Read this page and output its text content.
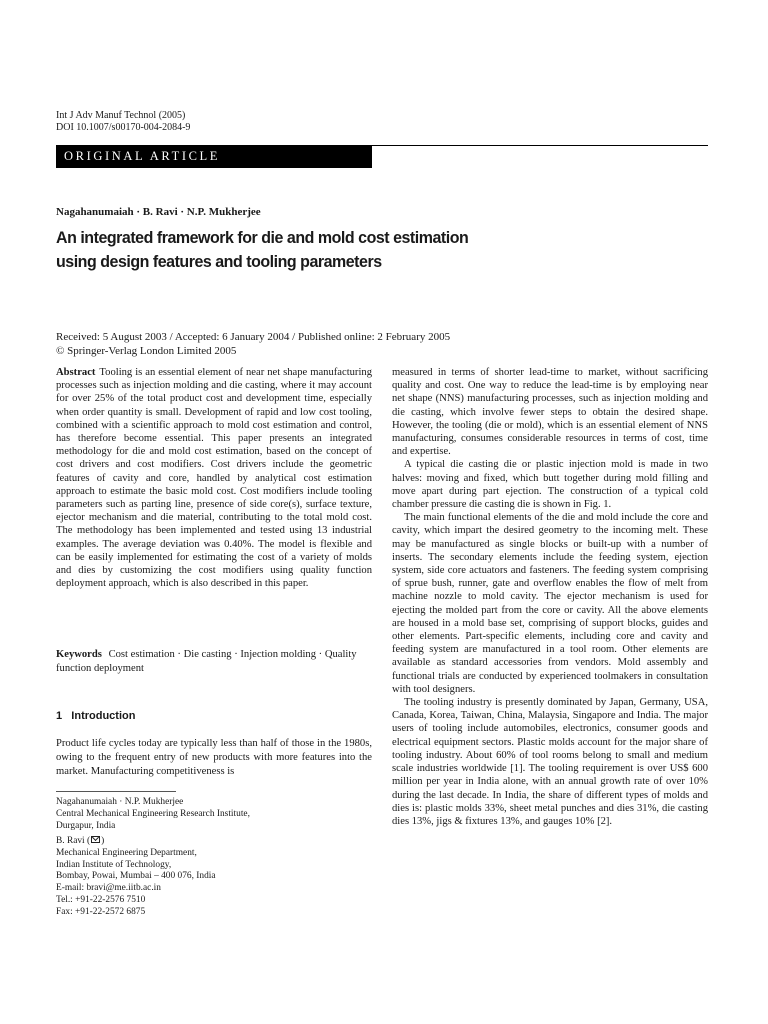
Int J Adv Manuf Technol (2005)
DOI 10.1007/s00170-004-2084-9
ORIGINAL ARTICLE
Nagahanumaiah · B. Ravi · N.P. Mukherjee
An integrated framework for die and mold cost estimation
using design features and tooling parameters
Received: 5 August 2003 / Accepted: 6 January 2004 / Published online: 2 February 2005
© Springer-Verlag London Limited 2005

Abstract Tooling is an essential element of near net shape manufacturing processes such as injection molding and die casting, where it may account for over 25% of the total product cost and development time, especially when order quantity is small. Development of rapid and low cost tooling, combined with a scientific approach to mold cost estimation and control, has therefore become essential. This paper presents an integrated methodology for die and mold cost estimation, based on the concept of cost drivers and cost modifiers. Cost drivers include the geometric features of cavity and core, handled by analytical cost estimation approach to estimate the basic mold cost. Cost modifiers include tooling parameters such as parting line, presence of side core(s), surface texture, ejector mechanism and die material, contributing to the total mold cost. The methodology has been implemented and tested using 13 industrial examples. The average deviation was 0.40%. The model is flexible and can be easily implemented for estimating the cost of a variety of molds and dies by customizing the cost modifiers using quality function deployment approach, which is also described in this paper.

Keywords Cost estimation · Die casting · Injection molding · Quality function deployment
1 Introduction
Product life cycles today are typically less than half of those in the 1980s, owing to the frequent entry of new products with more features into the market. Manufacturing competitiveness is
Nagahanumaiah · N.P. Mukherjee
Central Mechanical Engineering Research Institute,
Durgapur, India
B. Ravi ( )
Mechanical Engineering Department,
Indian Institute of Technology,
Bombay, Powai, Mumbai – 400 076, India
E-mail: bravi@me.iitb.ac.in
Tel.: +91-22-2576 7510
Fax: +91-22-2572 6875

measured in terms of shorter lead-time to market, without sacrificing quality and cost. One way to reduce the lead-time is by employing near net shape (NNS) manufacturing processes, such as injection molding and die casting, which involve fewer steps to obtain the desired shape. However, the tooling (die or mold), which is an essential element of NNS manufacturing, consumes considerable resources in terms of cost, time and expertise.

A typical die casting die or plastic injection mold is made in two halves: moving and fixed, which butt together during mold filling and move apart during part ejection. The construction of a typical cold chamber pressure die casting die is shown in Fig. 1.

The main functional elements of the die and mold include the core and cavity, which impart the desired geometry to the incoming melt. These may be manufactured as single blocks or built-up with a number of inserts. The secondary elements include the feeding system, ejection system, side core actuators and fasteners. The feeding system comprising of sprue bush, runner, gate and overflow enables the flow of melt from machine nozzle to mold cavity. The ejector mechanism is used for ejecting the molded part from the core or cavity. All the above elements are housed in a mold base set, comprising of support blocks, guides and other elements. Part-specific elements, including core and cavity and feeding system are manufactured in a tool room. Other elements are available as standard accessories from vendors. Mold assembly and functional trials are conducted by experienced toolmakers in consultation with tool designers.

The tooling industry is presently dominated by Japan, Germany, USA, Canada, Korea, Taiwan, China, Malaysia, Singapore and India. The major users of tooling include automobiles, electronics, consumer goods and electrical equipment sectors. Plastic molds account for the major share of tooling industry. About 60% of tool rooms belong to small and medium scale industries worldwide [1]. The tooling requirement is over US$ 600 million per year in India alone, with an annual growth rate of over 10% during the last decade. In India, the share of different types of molds and dies is: plastic molds 33%, sheet metal punches and dies 31%, die casting dies 13%, jigs & fixtures 13%, and gauges 10% [2].
